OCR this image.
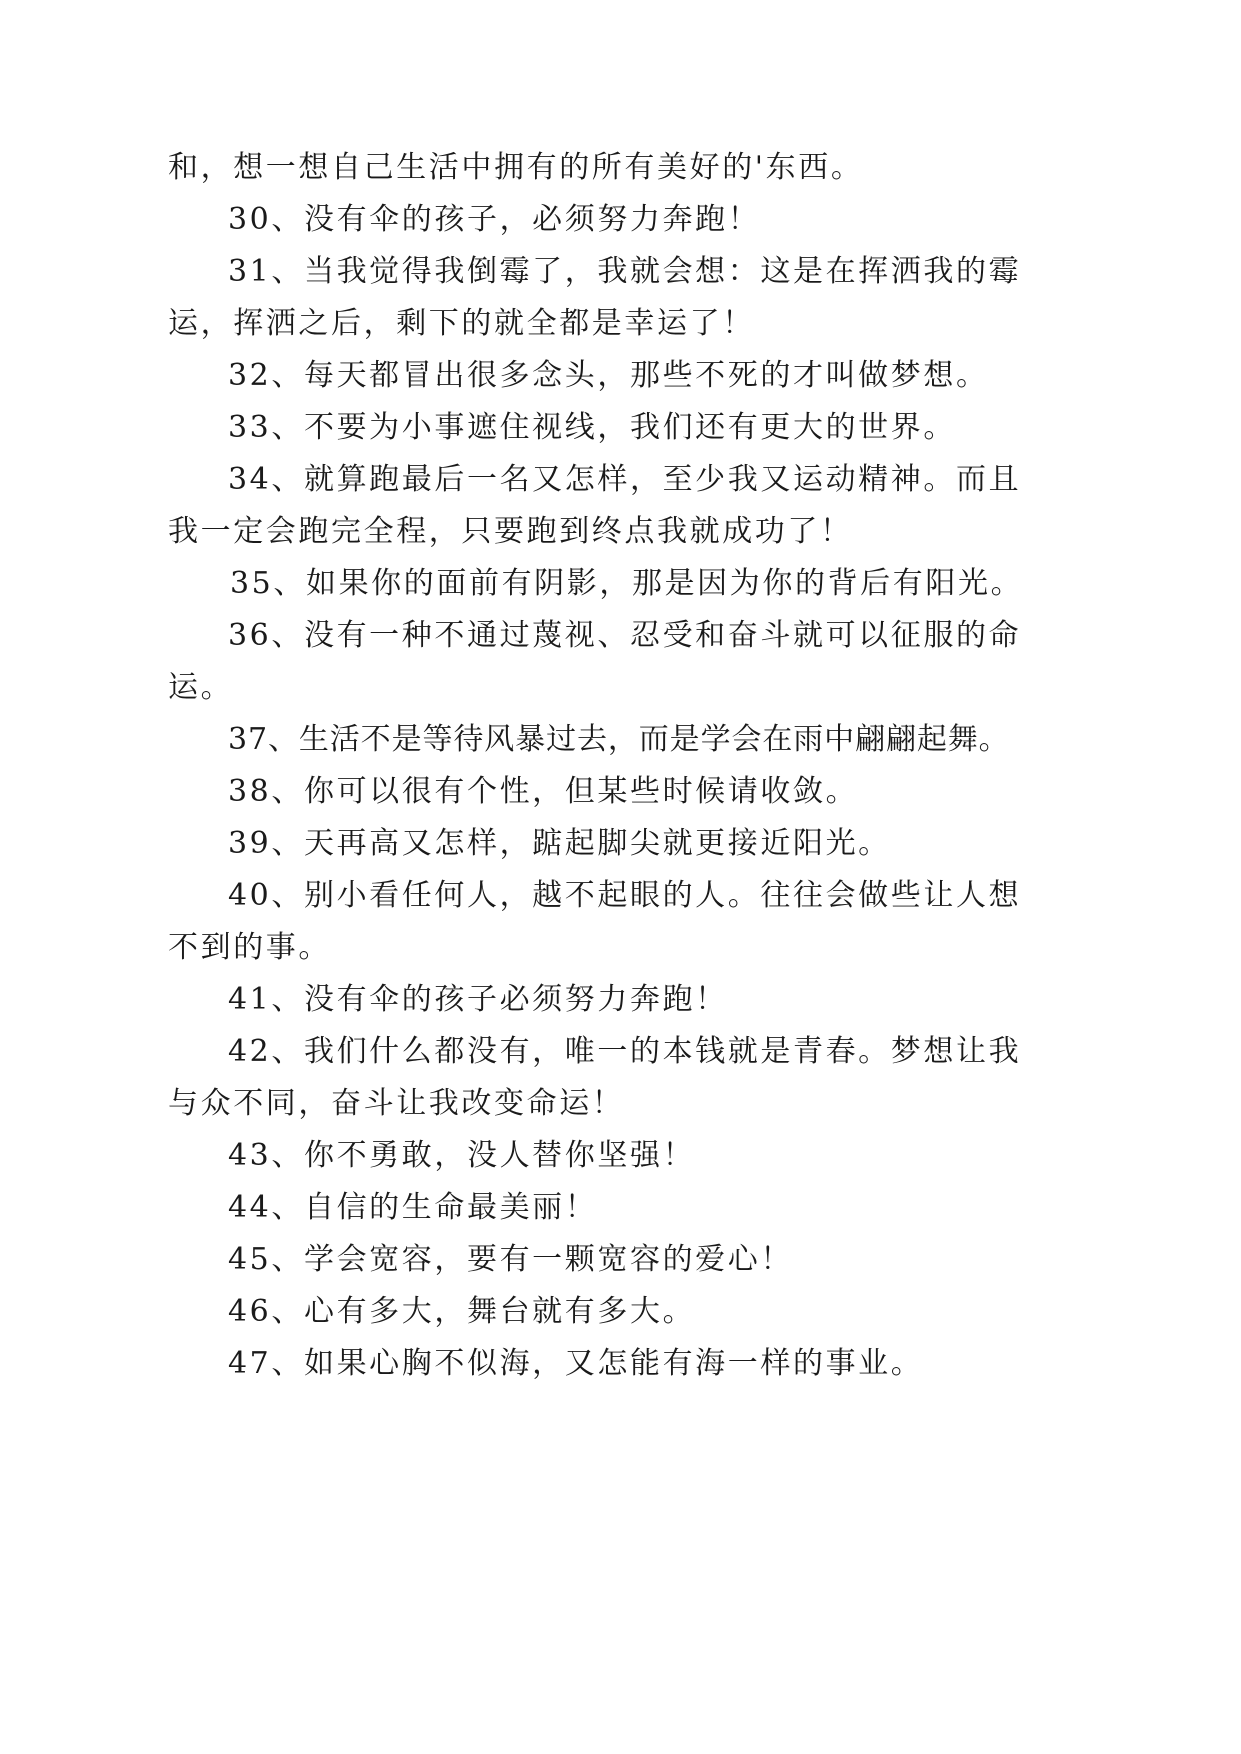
和，想一想自己生活中拥有的所有美好的'东西。
30、没有伞的孩子，必须努力奔跑！
31、当我觉得我倒霉了，我就会想：这是在挥洒我的霉
运，挥洒之后，剩下的就全都是幸运了！
32、每天都冒出很多念头，那些不死的才叫做梦想。
33、不要为小事遮住视线，我们还有更大的世界。
34、就算跑最后一名又怎样，至少我又运动精神。而且
我一定会跑完全程，只要跑到终点我就成功了！
35、如果你的面前有阴影，那是因为你的背后有阳光。
36、没有一种不通过蔑视、忍受和奋斗就可以征服的命
运。
37、生活不是等待风暴过去，而是学会在雨中翩翩起舞。
38、你可以很有个性，但某些时候请收敛。
39、天再高又怎样，踮起脚尖就更接近阳光。
40、别小看任何人，越不起眼的人。往往会做些让人想
不到的事。
41、没有伞的孩子必须努力奔跑！
42、我们什么都没有，唯一的本钱就是青春。梦想让我
与众不同，奋斗让我改变命运！
43、你不勇敢，没人替你坚强！
44、自信的生命最美丽！
45、学会宽容，要有一颗宽容的爱心！
46、心有多大，舞台就有多大。
47、如果心胸不似海，又怎能有海一样的事业。
